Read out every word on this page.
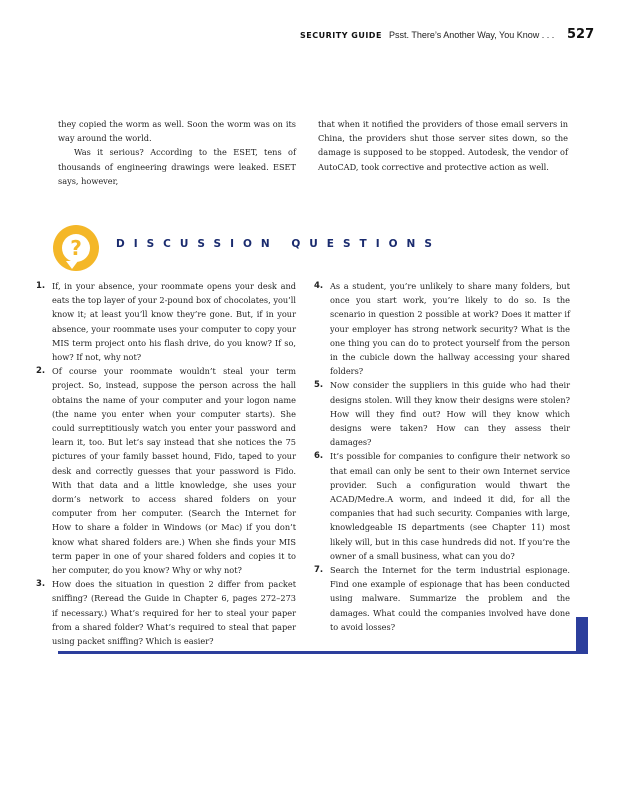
SECURITY GUIDE Psst. There’s Another Way, You Know . . . 527

they copied the worm as well. Soon the worm was on its way around the world.

Was it serious? According to the ESET, tens of thousands of engineering drawings were leaked. ESET says, however,

that when it notified the providers of those email servers in China, the providers shut those server sites down, so the damage is supposed to be stopped. Autodesk, the vendor of AutoCAD, took corrective and protective action as well.

?	DISCUSSION QUESTIONS
1. If, in your absence, your roommate opens your desk and eats the top layer of your 2-pound box of chocolates, you’ll know it; at least you’ll know they’re gone. But, if in your absence, your roommate uses your computer to copy your MIS term project onto his flash drive, do you know? If so, how? If not, why not?
2. Of course your roommate wouldn’t steal your term project. So, instead, suppose the person across the hall obtains the name of your computer and your logon name (the name you enter when your computer starts). She could surreptitiously watch you enter your password and learn it, too. But let’s say instead that she notices the 75 pictures of your family basset hound, Fido, taped to your desk and correctly guesses that your password is Fido. With that data and a little knowledge, she uses your dorm’s network to access shared folders on your computer from her computer. (Search the Internet for How to share a folder in Windows (or Mac) if you don’t know what shared folders are.) When she finds your MIS term paper in one of your shared folders and copies it to her computer, do you know? Why or why not?
3. How does the situation in question 2 differ from packet sniffing? (Reread the Guide in Chapter 6, pages 272–273 if necessary.) What’s required for her to steal your paper from a shared folder? What’s required to steal that paper using packet sniffing? Which is easier?
4. As a student, you’re unlikely to share many folders, but once you start work, you’re likely to do so. Is the scenario in question 2 possible at work? Does it matter if your employer has strong network security? What is the one thing you can do to protect yourself from the person in the cubicle down the hallway accessing your shared folders?
5. Now consider the suppliers in this guide who had their designs stolen. Will they know their designs were stolen? How will they find out? How will they know which designs were taken? How can they assess their damages?
6. It’s possible for companies to configure their network so that email can only be sent to their own Internet service provider. Such a configuration would thwart the ACAD/Medre.A worm, and indeed it did, for all the companies that had such security. Companies with large, knowledgeable IS departments (see Chapter 11) most likely will, but in this case hundreds did not. If you’re the owner of a small business, what can you do?
7. Search the Internet for the term industrial espionage. Find one example of espionage that has been conducted using malware. Summarize the problem and the damages. What could the companies involved have done to avoid losses?
